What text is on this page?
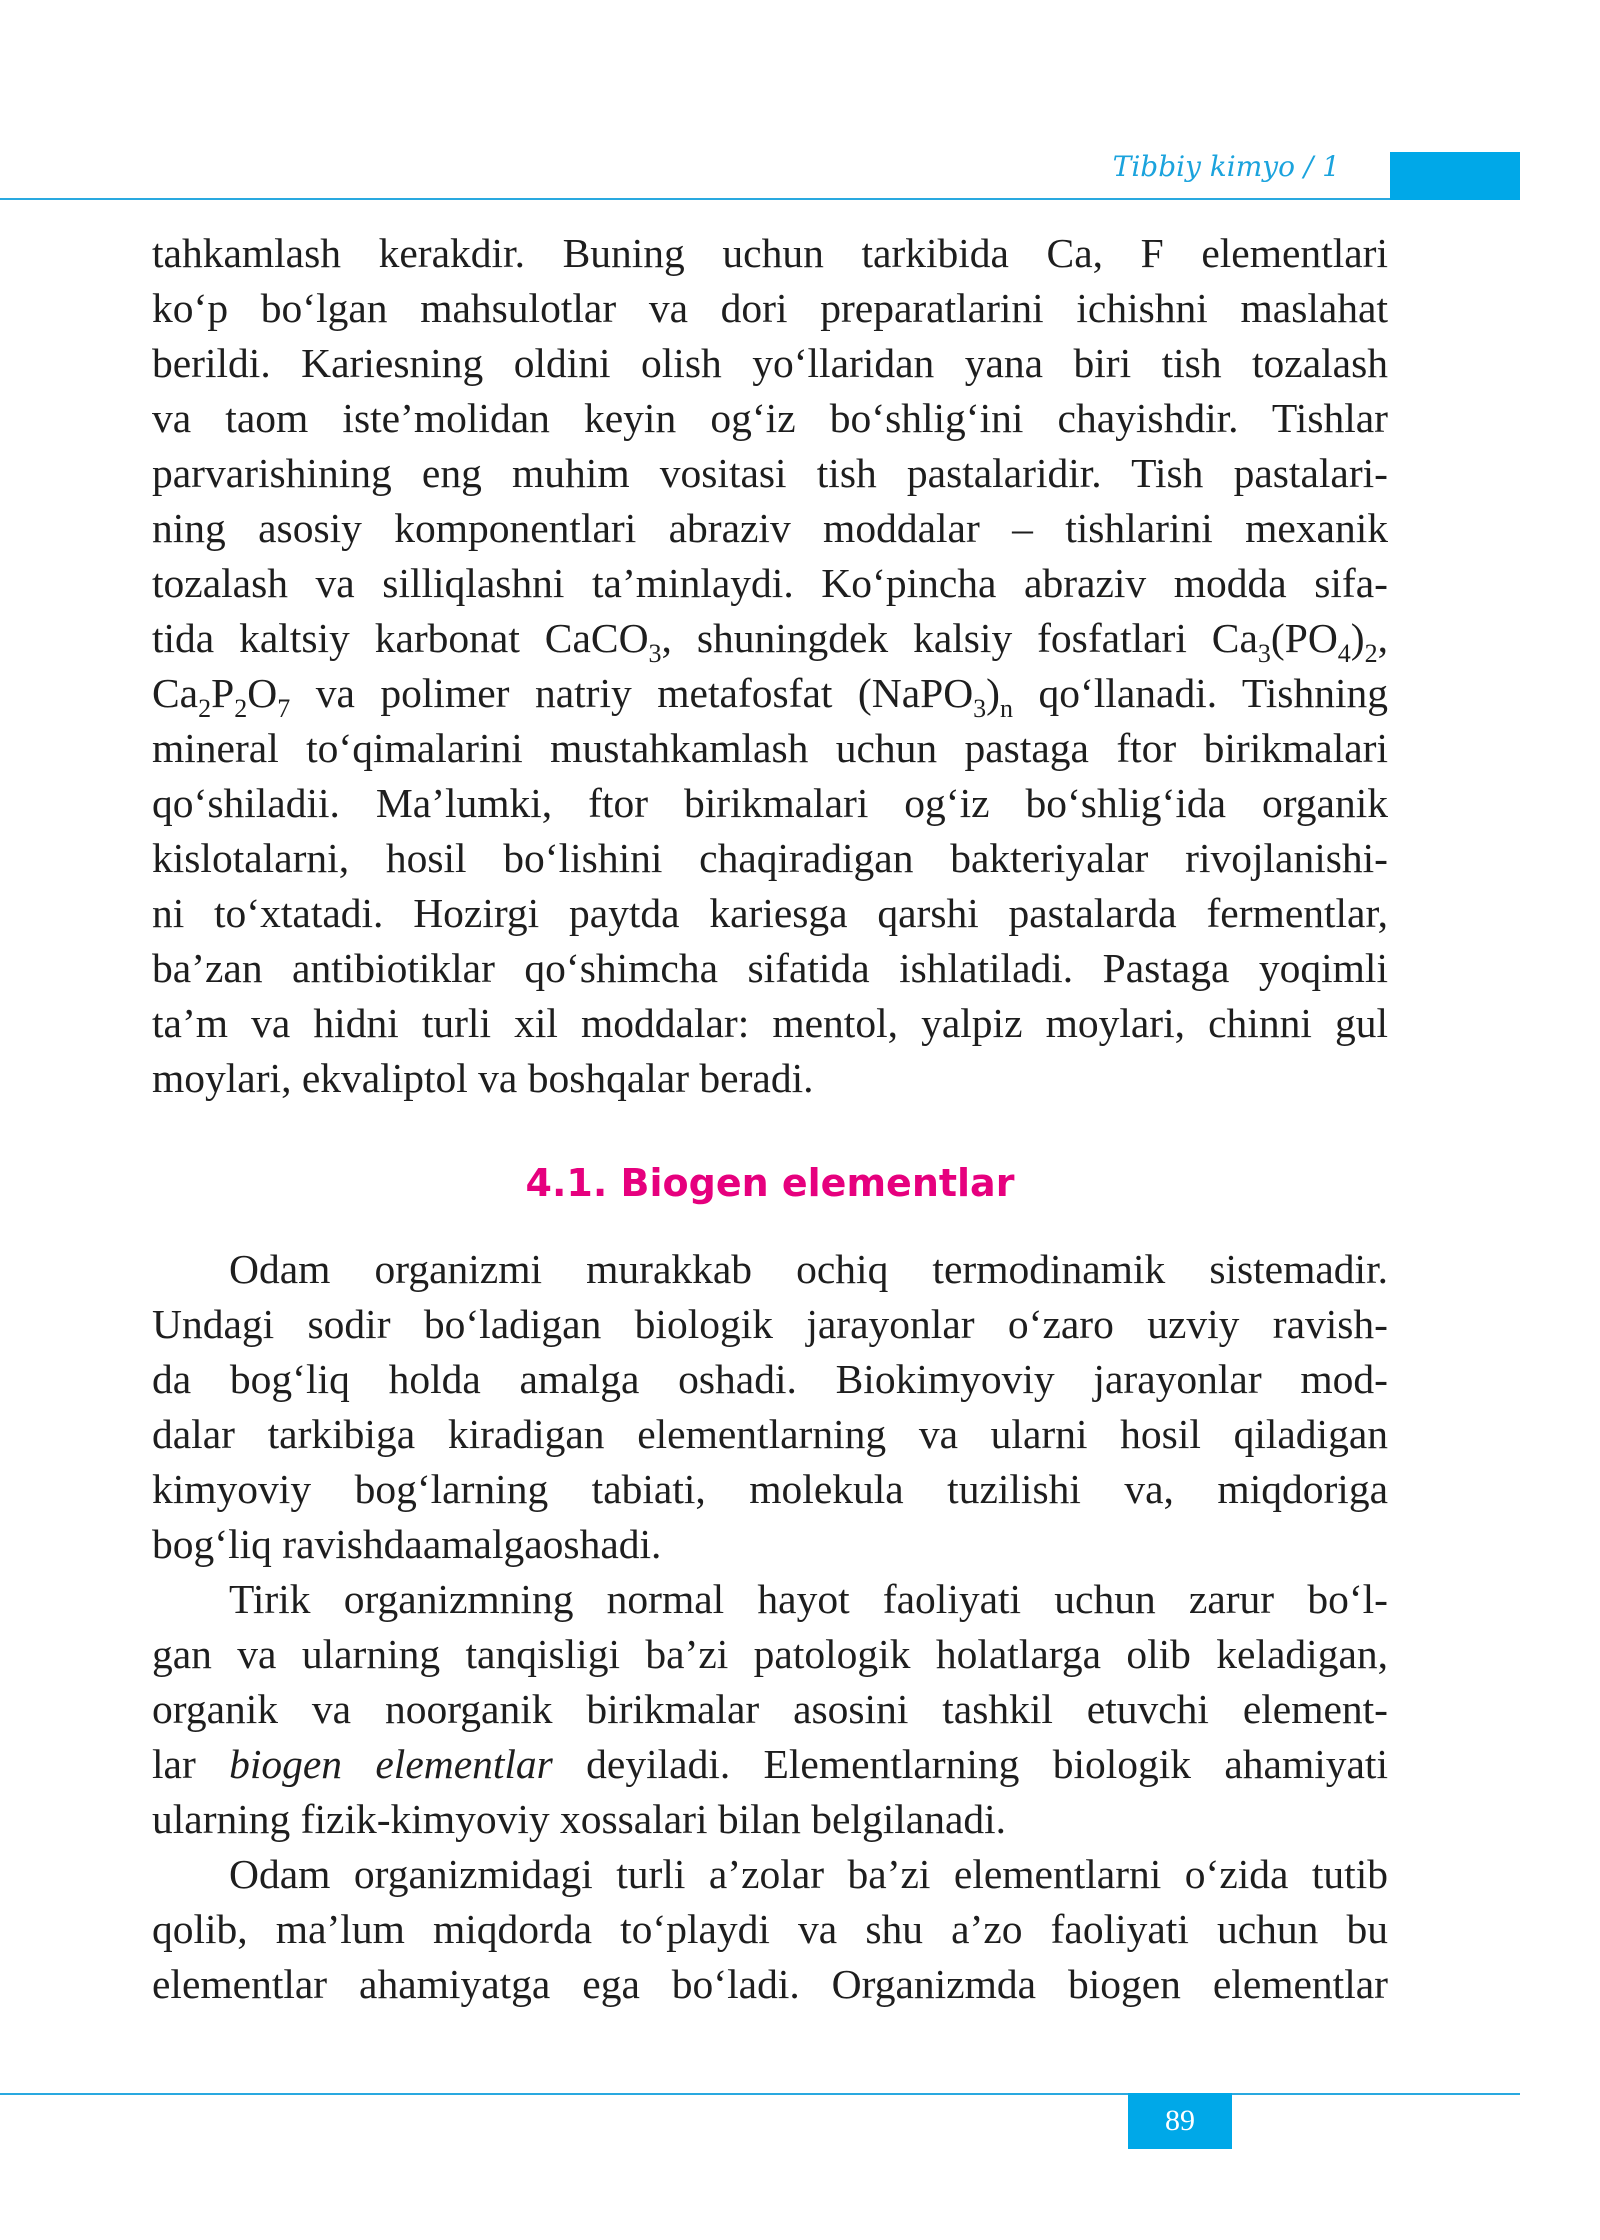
Tibbiy kimyo / 1
tahkamlash kerakdir. Buning uchun tarkibida Ca, F elementlari
ko‘p bo‘lgan mahsulotlar va dori preparatlarini ichishni maslahat
berildi. Kariesning oldini olish yo‘llaridan yana biri tish tozalash
va taom iste’molidan keyin og‘iz bo‘shlig‘ini chayishdir. Tishlar
parvarishining eng muhim vositasi tish pastalaridir. Tish pastalari-
ning asosiy komponentlari abraziv moddalar – tishlarini mexanik
tozalash va silliqlashni ta’minlaydi. Ko‘pincha abraziv modda sifa-
tida kaltsiy karbonat CaCO$_3$, shuningdek kalsiy fosfatlari $Ca_3(PO_4)_2$,
$Ca_2P_2O_7$ va polimer natriy metafosfat $(NaPO_3)_n$ qo‘llanadi. Tishning
mineral to‘qimalarini mustahkamlash uchun pastaga ftor birikmalari
qo‘shiladii. Ma’lumki, ftor birikmalari og‘iz bo‘shlig‘ida organik
kislotalarni, hosil bo‘lishini chaqiradigan bakteriyalar rivojlanishi-
ni to‘xtatadi. Hozirgi paytda kariesga qarshi pastalarda fermentlar,
ba’zan antibiotiklar qo‘shimcha sifatida ishlatiladi. Pastaga yoqimli
ta’m va hidni turli xil moddalar: mentol, yalpiz moylari, chinni gul
moylari, ekvaliptol va boshqalar beradi.
4.1. Biogen elementlar
Odam organizmi murakkab ochiq termodinamik sistemadir.
Undagi sodir bo‘ladigan biologik jarayonlar o‘zaro uzviy ravish-
da bog‘liq holda amalga oshadi. Biokimyoviy jarayonlar mod-
dalar tarkibiga kiradigan elementlarning va ularni hosil qiladigan
kimyoviy bog‘larning tabiati, molekula tuzilishi va, miqdoriga
bog‘liq ravishdaamalgaoshadi.
Tirik organizmning normal hayot faoliyati uchun zarur bo‘l-
gan va ularning tanqisligi ba’zi patologik holatlarga olib keladigan,
organik va noorganik birikmalar asosini tashkil etuvchi element-
lar biogen elementlar deyiladi. Elementlarning biologik ahamiyati
ularning fizik-kimyoviy xossalari bilan belgilanadi.
Odam organizmidagi turli a’zolar ba’zi elementlarni o‘zida tutib
qolib, ma’lum miqdorda to‘playdi va shu a’zo faoliyati uchun bu
elementlar ahamiyatga ega bo‘ladi. Organizmda biogen elementlar
89
